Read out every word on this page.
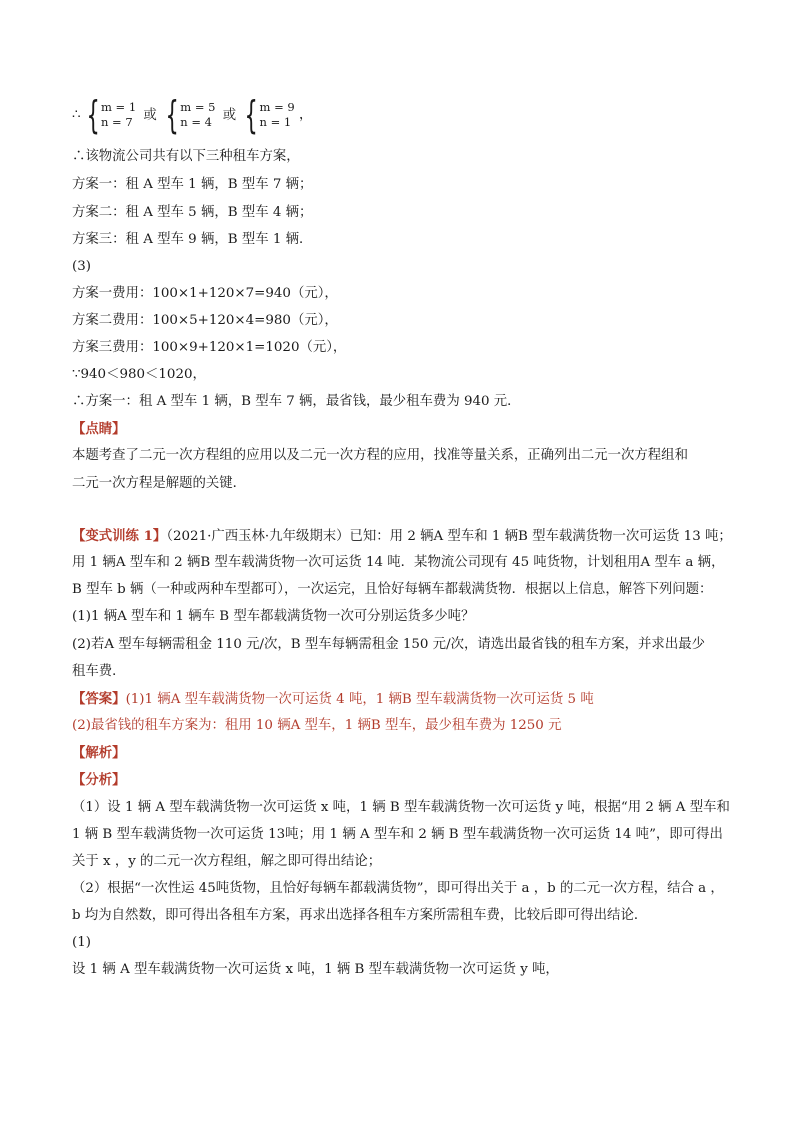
∴ { m = 1
n = 7 或 { m = 5
n = 4 或 { m = 9
n = 1 ，
∴该物流公司共有以下三种租车方案，
方案一：租 A 型车 1 辆，B 型车 7 辆；
方案二：租 A 型车 5 辆，B 型车 4 辆；
方案三：租 A 型车 9 辆，B 型车 1 辆．
(3)
方案一费用：100×1+120×7=940（元），
方案二费用：100×5+120×4=980（元），
方案三费用：100×9+120×1=1020（元），
∵940＜980＜1020，
∴方案一：租 A 型车 1 辆，B 型车 7 辆，最省钱，最少租车费为 940 元．
【点睛】
本题考查了二元一次方程组的应用以及二元一次方程的应用，找准等量关系，正确列出二元一次方程组和
二元一次方程是解题的关键．
【变式训练 1】（2021·广西玉林·九年级期末）已知：用 2 辆A 型车和 1 辆B 型车载满货物一次可运货 13 吨；
用 1 辆A 型车和 2 辆B 型车载满货物一次可运货 14 吨．某物流公司现有 45 吨货物，计划租用A 型车 a 辆，
B 型车 b 辆（一种或两种车型都可），一次运完，且恰好每辆车都载满货物．根据以上信息，解答下列问题：
(1)1 辆A 型车和 1 辆车 B 型车都载满货物一次可分别运货多少吨？
(2)若A 型车每辆需租金 110 元/次，B 型车每辆需租金 150 元/次，请选出最省钱的租车方案，并求出最少
租车费．
【答案】(1)1 辆A 型车载满货物一次可运货 4 吨，1 辆B 型车载满货物一次可运货 5 吨
(2)最省钱的租车方案为：租用 10 辆A 型车，1 辆B 型车，最少租车费为 1250 元
【解析】
【分析】
（1）设 1 辆 A 型车载满货物一次可运货 x 吨，1 辆 B 型车载满货物一次可运货 y 吨，根据“用 2 辆 A 型车和
1 辆 B 型车载满货物一次可运货 13吨；用 1 辆 A 型车和 2 辆 B 型车载满货物一次可运货 14 吨”，即可得出
关于 x ，y 的二元一次方程组，解之即可得出结论；
（2）根据“一次性运 45吨货物，且恰好每辆车都载满货物”，即可得出关于 a ，b 的二元一次方程，结合 a ，
b 均为自然数，即可得出各租车方案，再求出选择各租车方案所需租车费，比较后即可得出结论．
(1)
设 1 辆 A 型车载满货物一次可运货 x 吨，1 辆 B 型车载满货物一次可运货 y 吨，
